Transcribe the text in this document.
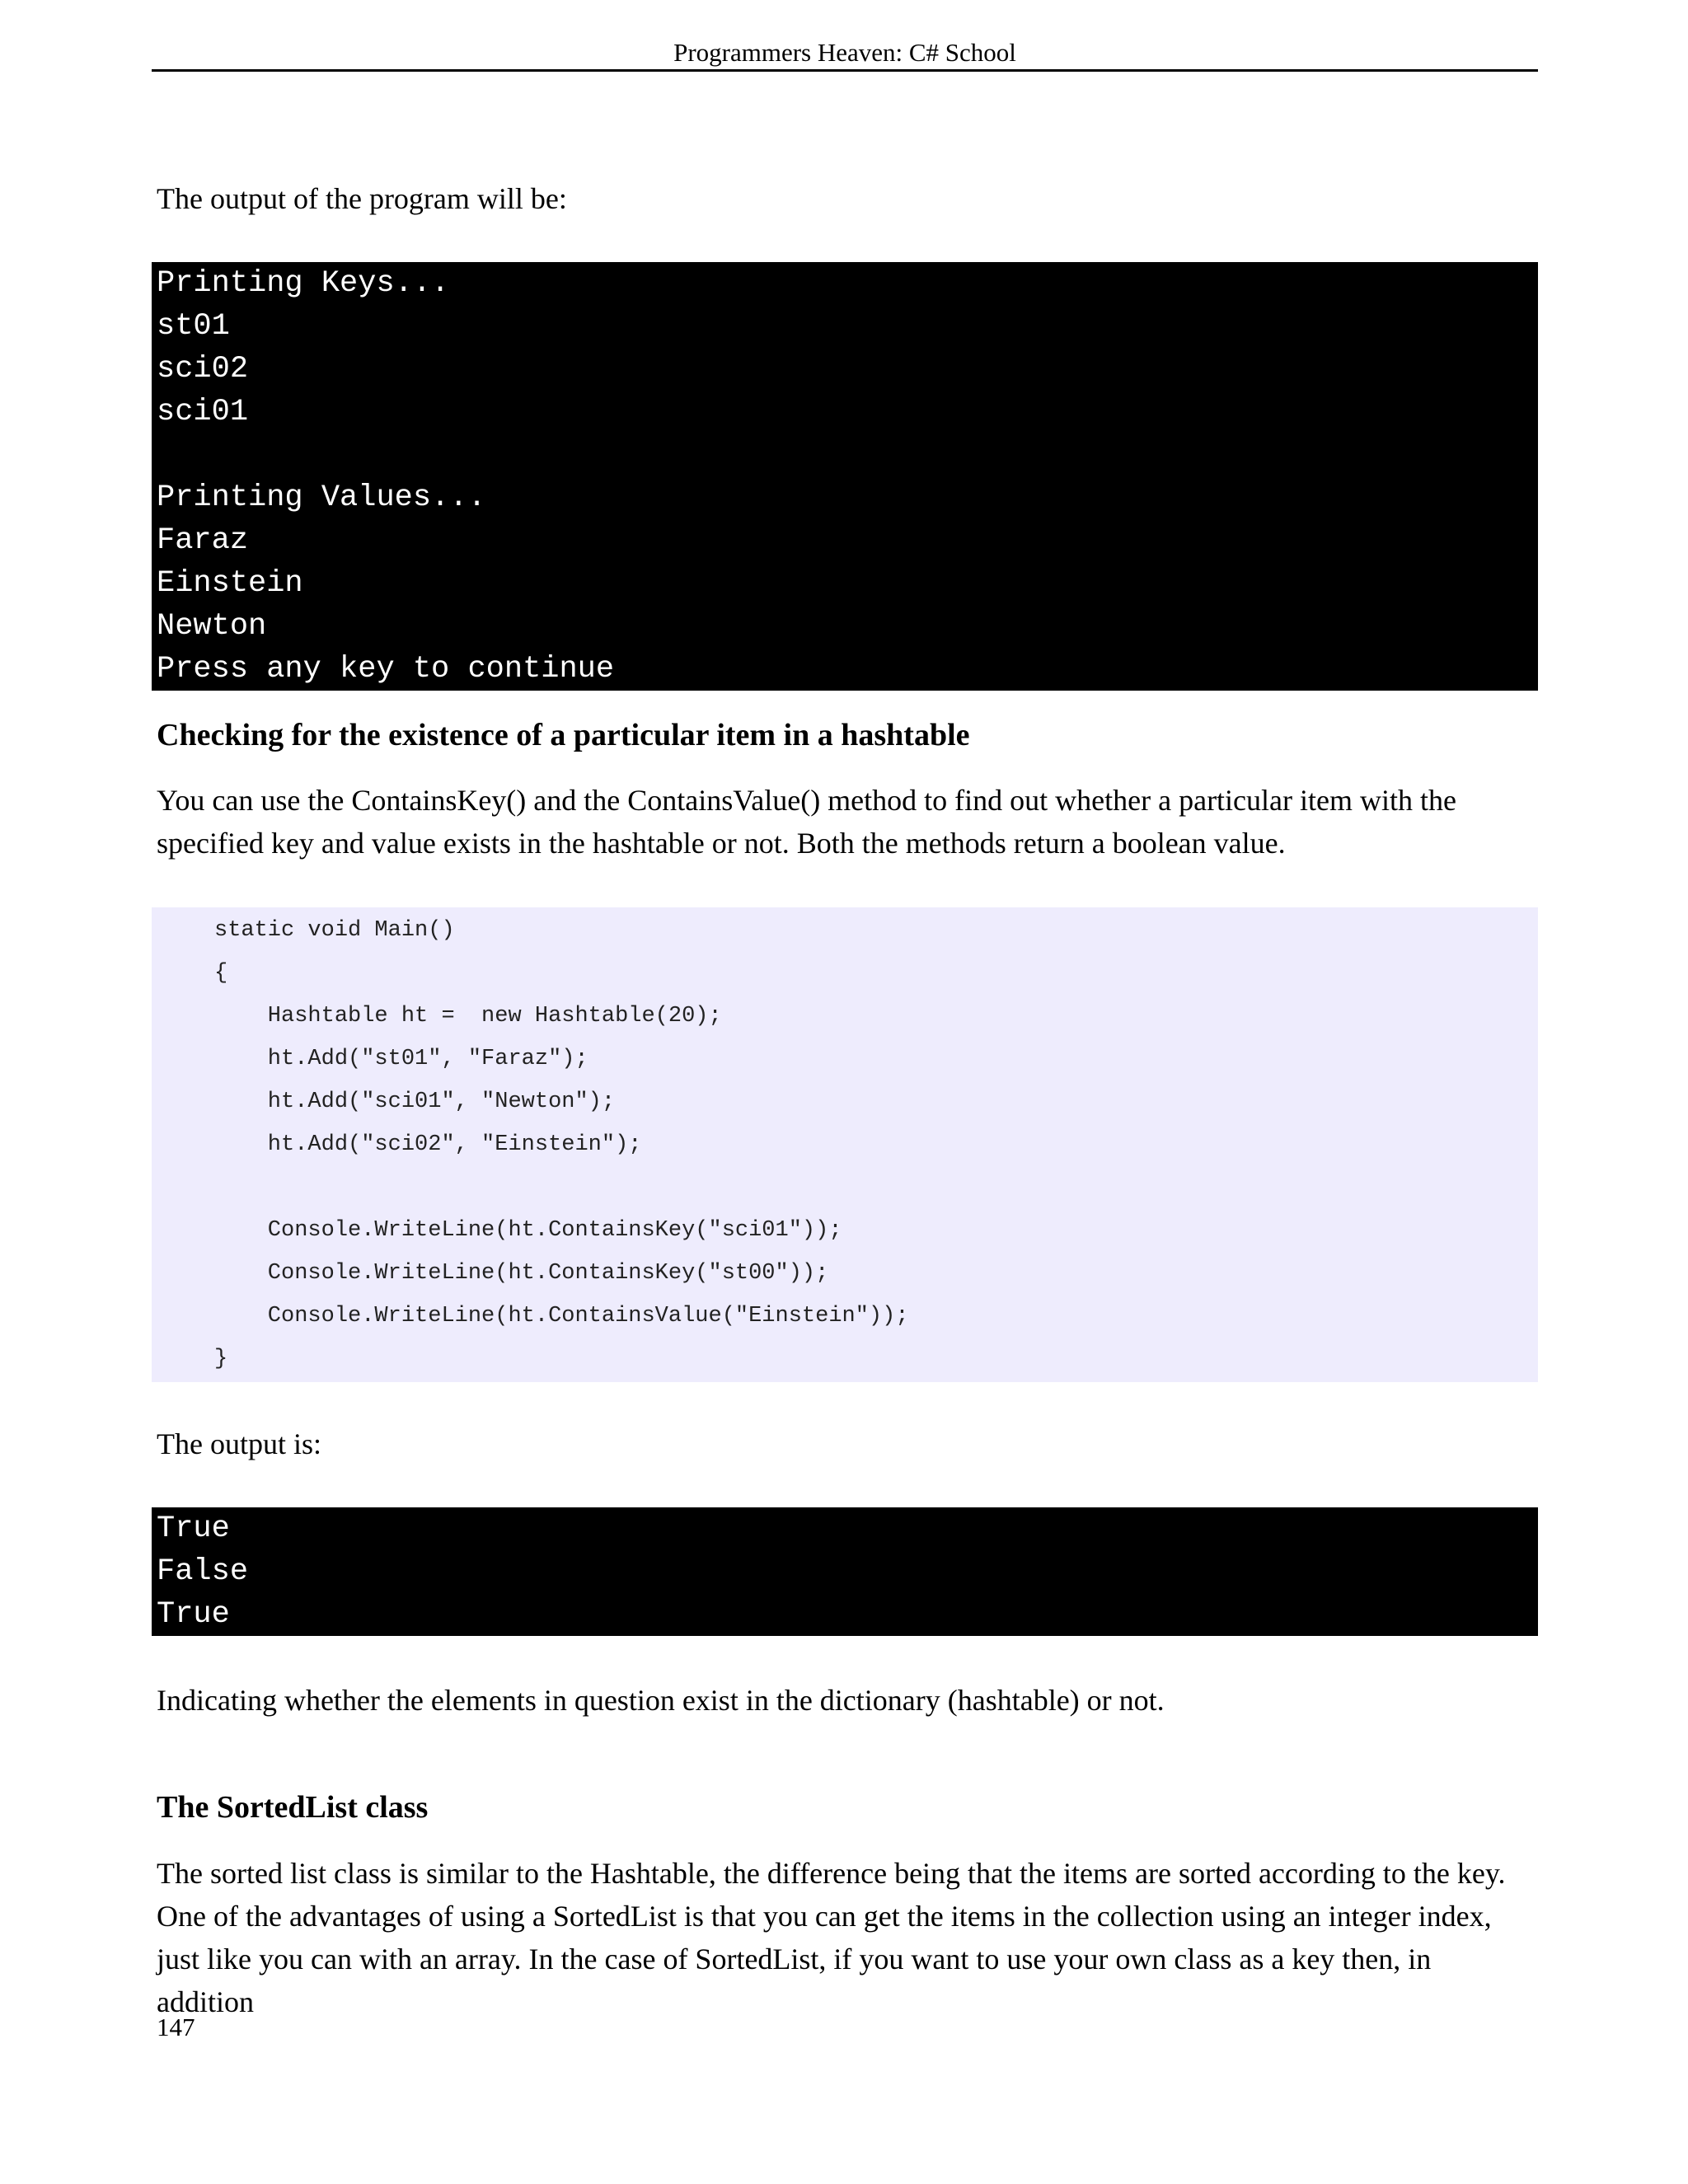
Programmers Heaven: C# School

The output of the program will be:

Printing Keys...
st01
sci02
sci01
Printing Values...
Faraz
Einstein
Newton
Press any key to continue
Checking for the existence of a particular item in a hashtable

You can use the ContainsKey() and the ContainsValue() method to find out whether a particular item with the

specified key and value exists in the hashtable or not. Both the methods return a boolean value.

static void Main()
{
Hashtable ht =  new Hashtable(20);
ht.Add("st01", "Faraz");
ht.Add("sci01", "Newton");
ht.Add("sci02", "Einstein");
Console.WriteLine(ht.ContainsKey("sci01"));
Console.WriteLine(ht.ContainsKey("st00"));
Console.WriteLine(ht.ContainsValue("Einstein"));
}

The output is:

True
False
True

Indicating whether the elements in question exist in the dictionary (hashtable) or not.

The SortedList class

The sorted list class is similar to the Hashtable, the difference being that the items are sorted according to the key.

One of the advantages of using a SortedList is that you can get the items in the collection using an integer index,

just like you can with an array. In the case of SortedList, if you want to use your own class as a key then, in addition

147
